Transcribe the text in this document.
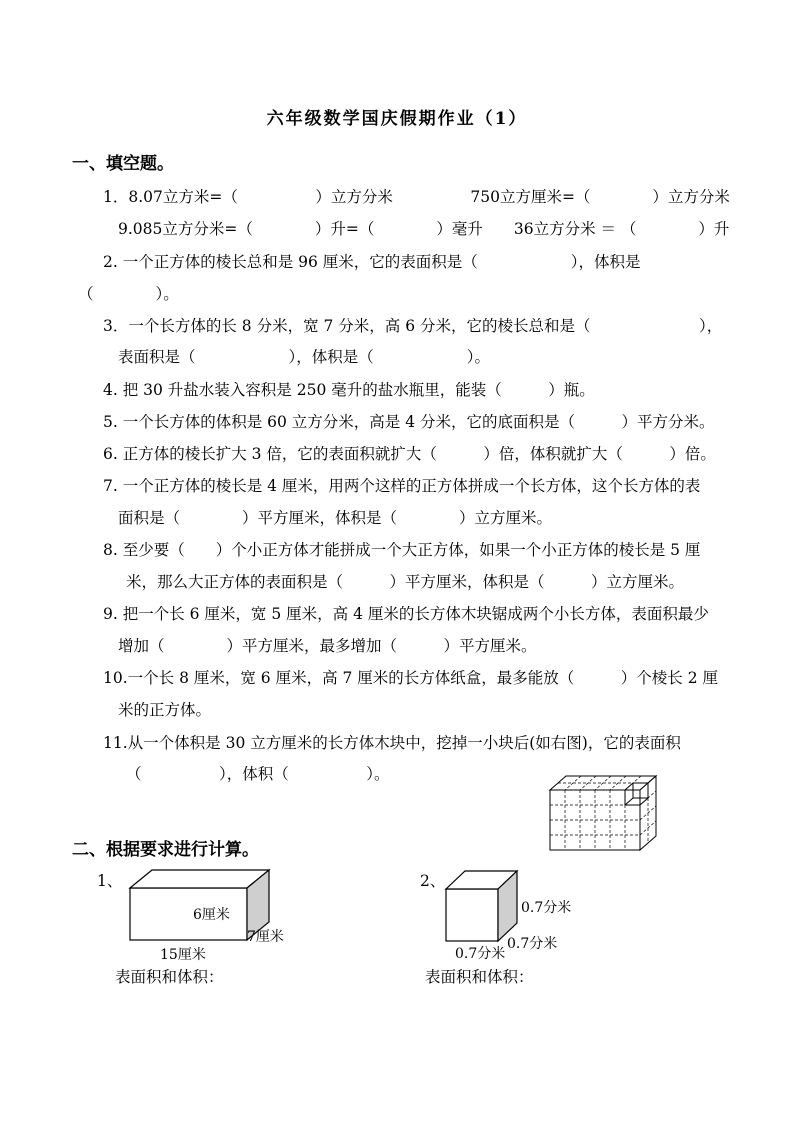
六年级数学国庆假期作业（1）
一、填空题。
1．8.07立方米=（　　　　　）立方分米　　　　　750立方厘米=（　　　　）立方分米
9.085立方分米=（　　　　）升=（　　　　）毫升　　36立方分米 ＝ （　　　　）升
2. 一个正方体的棱长总和是 96 厘米，它的表面积是（　　　　　　），体积是
（　　　　）。
3．一个长方体的长 8 分米，宽 7 分米，高 6 分米，它的棱长总和是（　　　　　　　），
表面积是（　　　　　　），体积是（　　　　　　）。
4. 把 30 升盐水装入容积是 250 毫升的盐水瓶里，能装（　　　）瓶。
5. 一个长方体的体积是 60 立方分米，高是 4 分米，它的底面积是（　　　）平方分米。
6. 正方体的棱长扩大 3 倍，它的表面积就扩大（　　　）倍，体积就扩大（　　　）倍。
7. 一个正方体的棱长是 4 厘米，用两个这样的正方体拼成一个长方体，这个长方体的表
面积是（　　　　）平方厘米，体积是（　　　　）立方厘米。
8. 至少要（　　）个小正方体才能拼成一个大正方体，如果一个小正方体的棱长是 5 厘
米，那么大正方体的表面积是（　　　）平方厘米，体积是（　　　）立方厘米。
9. 把一个长 6 厘米，宽 5 厘米，高 4 厘米的长方体木块锯成两个小长方体，表面积最少
增加（　　　　）平方厘米，最多增加（　　　）平方厘米。
10.一个长 8 厘米，宽 6 厘米，高 7 厘米的长方体纸盒，最多能放（　　　）个棱长 2 厘
米的正方体。
11.从一个体积是 30 立方厘米的长方体木块中，挖掉一小块后(如右图)，它的表面积
（　　　　　），体积（　　　　　）。
二、根据要求进行计算。
1、
6厘米
7厘米
15厘米
表面积和体积：
2、
0.7分米
0.7分米
0.7分米
表面积和体积：
